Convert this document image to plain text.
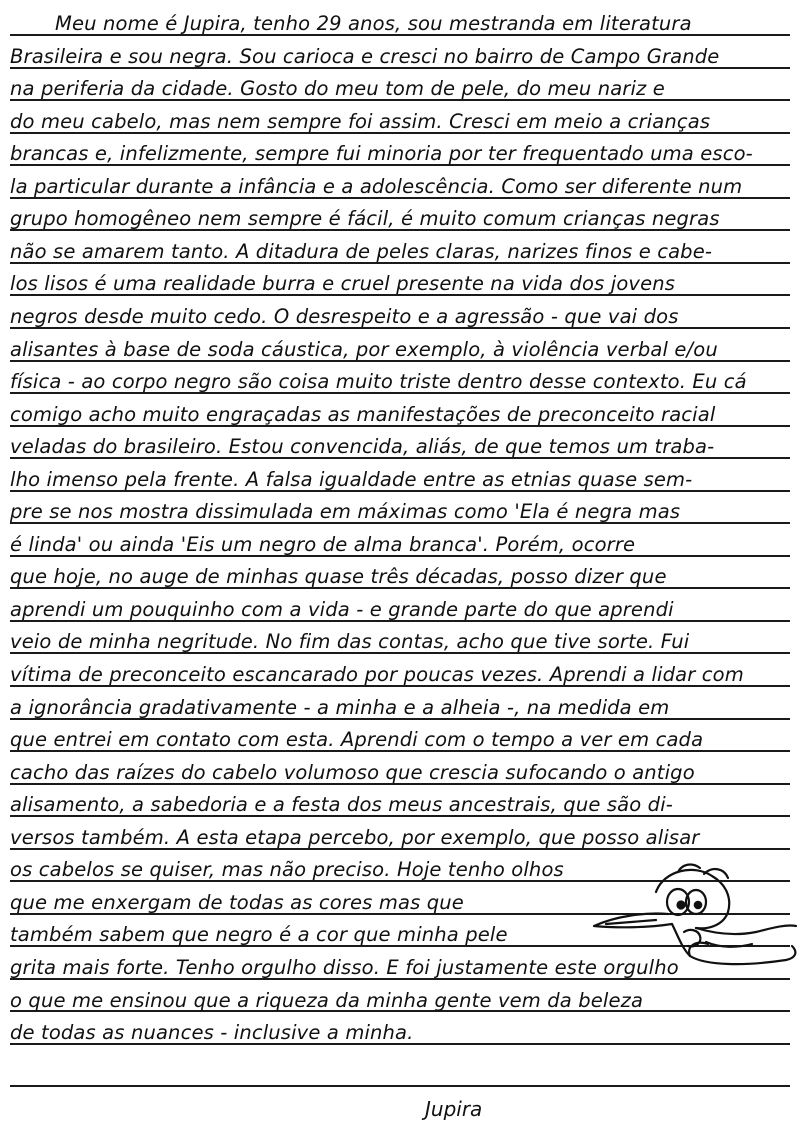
Meu nome é Jupira, tenho 29 anos, sou mestranda em literatura
Brasileira e sou negra. Sou carioca e cresci no bairro de Campo Grande
na periferia da cidade. Gosto do meu tom de pele, do meu nariz e
do meu cabelo, mas nem sempre foi assim. Cresci em meio a crianças
brancas e, infelizmente, sempre fui minoria por ter frequentado uma esco-
la particular durante a infância e a adolescência. Como ser diferente num
grupo homogêneo nem sempre é fácil, é muito comum crianças negras
não se amarem tanto. A ditadura de peles claras, narizes finos e cabe-
los lisos é uma realidade burra e cruel presente na vida dos jovens
negros desde muito cedo. O desrespeito e a agressão - que vai dos
alisantes à base de soda cáustica, por exemplo, à violência verbal e/ou
física - ao corpo negro são coisa muito triste dentro desse contexto. Eu cá
comigo acho muito engraçadas as manifestações de preconceito racial
veladas do brasileiro. Estou convencida, aliás, de que temos um traba-
lho imenso pela frente. A falsa igualdade entre as etnias quase sem-
pre se nos mostra dissimulada em máximas como 'Ela é negra mas
é linda' ou ainda 'Eis um negro de alma branca'. Porém, ocorre
que hoje, no auge de minhas quase três décadas, posso dizer que
aprendi um pouquinho com a vida - e grande parte do que aprendi
veio de minha negritude. No fim das contas, acho que tive sorte. Fui
vítima de preconceito escancarado por poucas vezes. Aprendi a lidar com
a ignorância gradativamente - a minha e a alheia -, na medida em
que entrei em contato com esta. Aprendi com o tempo a ver em cada
cacho das raízes do cabelo volumoso que crescia sufocando o antigo
alisamento, a sabedoria e a festa dos meus ancestrais, que são di-
versos também. A esta etapa percebo, por exemplo, que posso alisar
os cabelos se quiser, mas não preciso. Hoje tenho olhos
que me enxergam de todas as cores mas que
também sabem que negro é a cor que minha pele
grita mais forte. Tenho orgulho disso. E foi justamente este orgulho
o que me ensinou que a riqueza da minha gente vem da beleza
de todas as nuances - inclusive a minha.
Jupira
